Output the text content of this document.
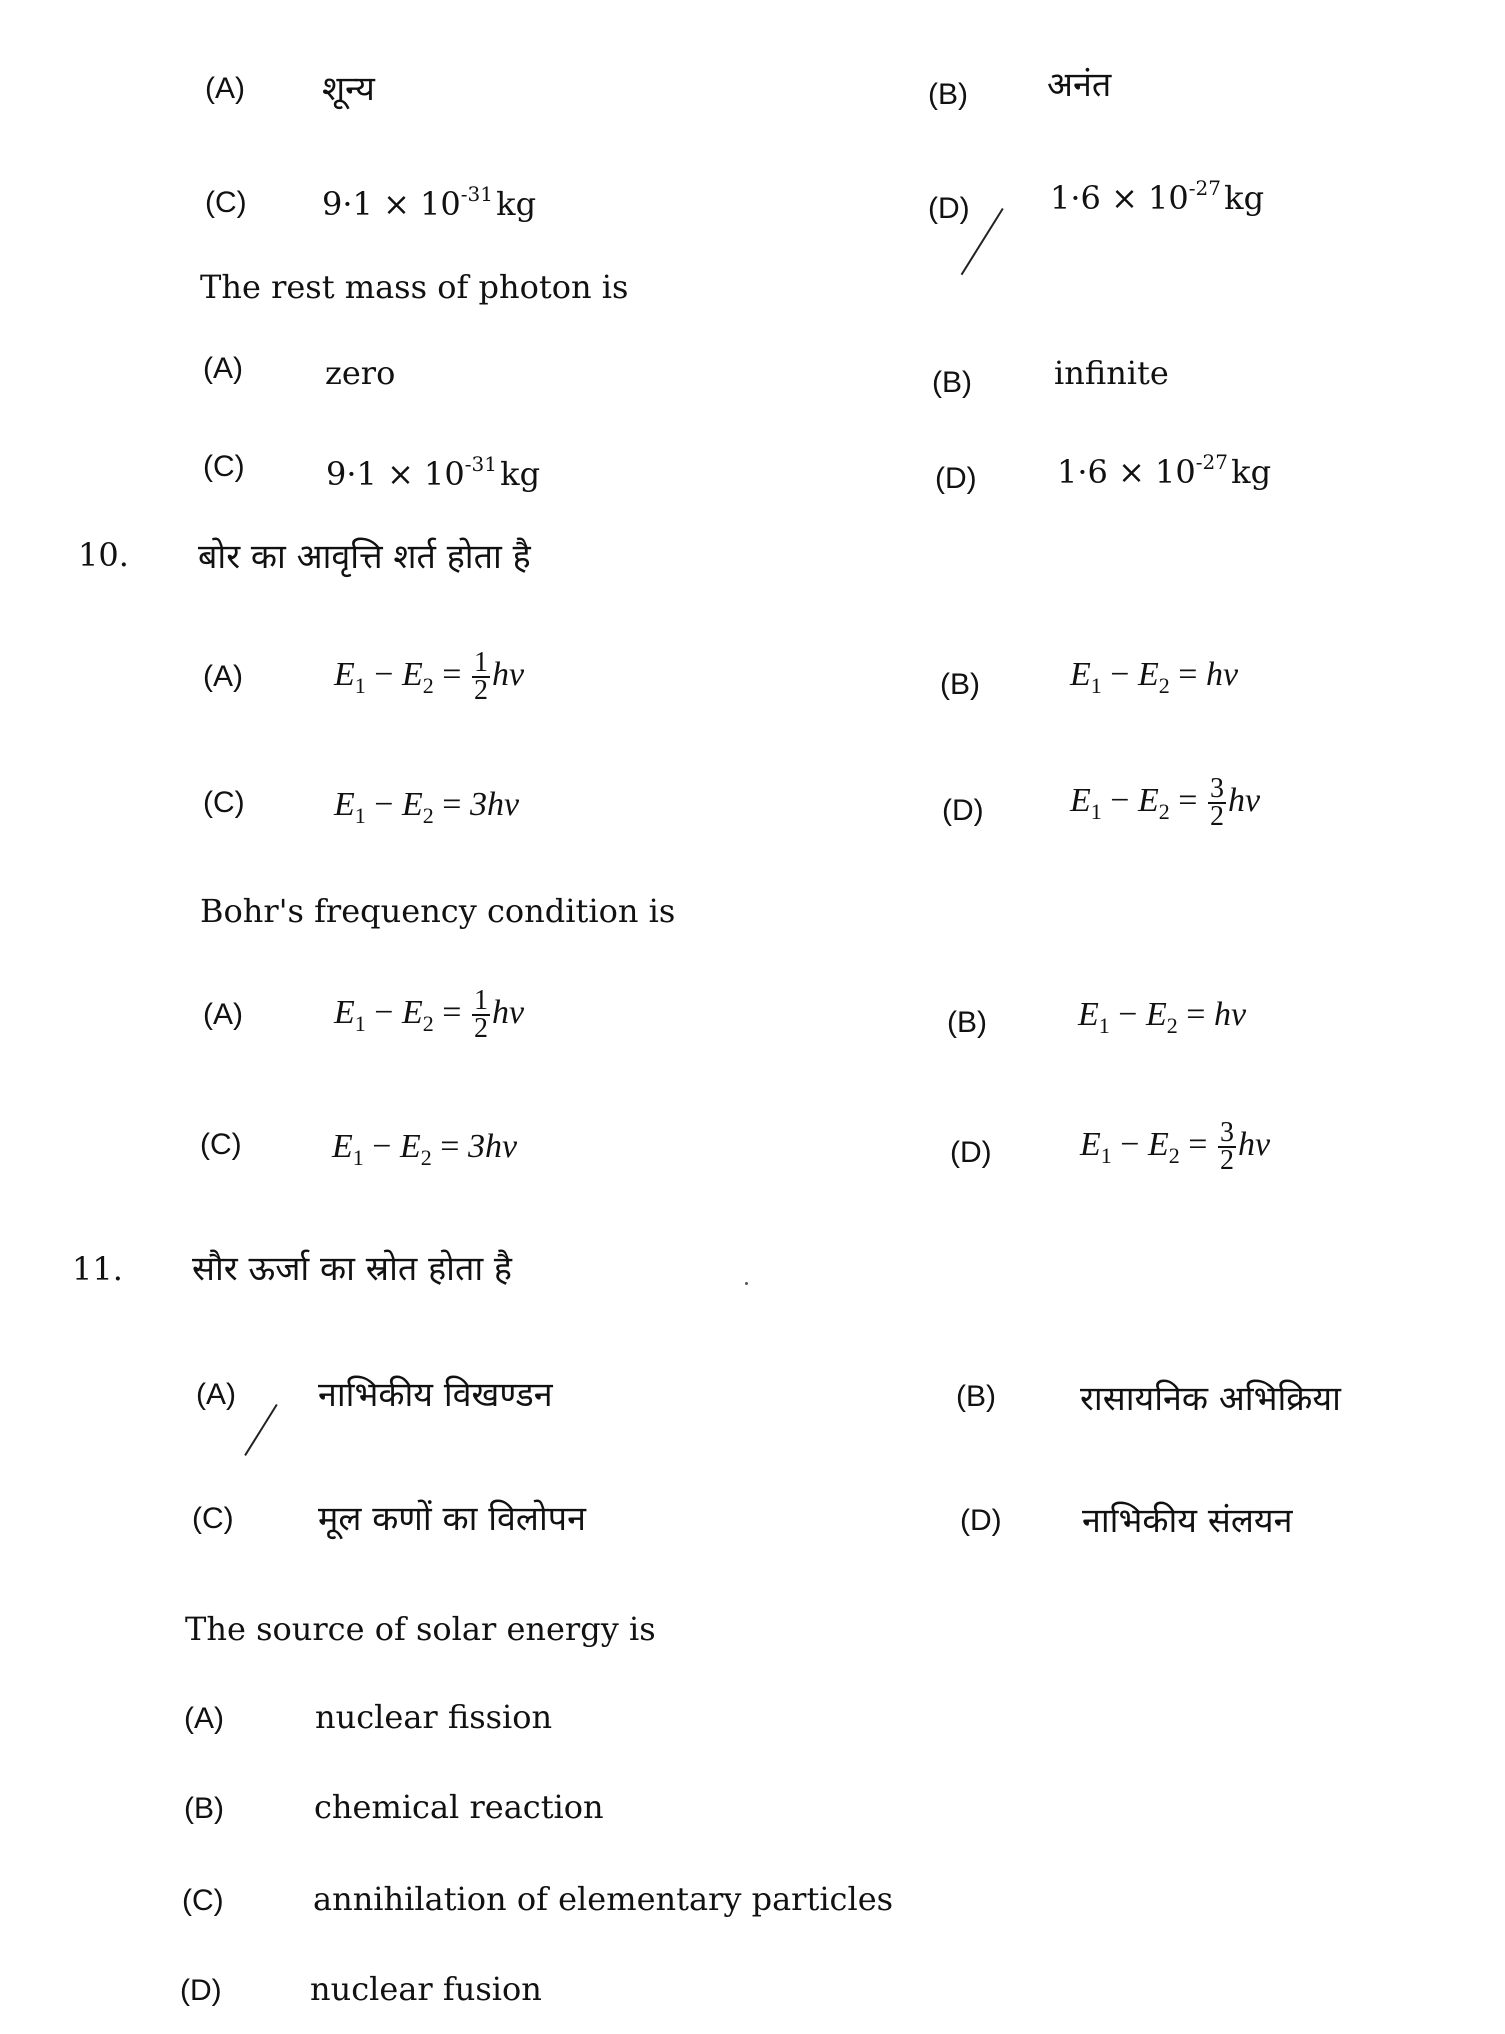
(A) शून्य	(B) अनंत
(C) $9\cdot 1 \times 10^{-31}$ kg	(D)	$1\cdot 6 \times 10^{-27}$ kg
The rest mass of photon is
(A)	zero	(B)	infinite
(C)	$9\cdot 1 \times 10^{-31}$ kg	(D)	$1\cdot 6 \times 10^{-27}$ kg
10. बोर का आवृत्ति शर्त होता है
(A)	$E_1 - E_2 = \frac{1}{2}$ hν	(B)	$E_1 - E_2 = h\nu$
(C)	$E_1 - E_2 = 3h\nu$	(D)	$E_1 - E_2 = \frac{3}{2}$ hν
Bohr's frequency condition is
(A)	$E_1 - E_2 = \frac{1}{2}$ hν	(B)	$E_1 - E_2 = h\nu$
(C)	$E_1 - E_2 = 3h\nu$	(D)	$E_1 - E_2 = \frac{3}{2}$ hν
11. सौर ऊर्जा का स्रोत होता है
(A) नाभिकीय विखण्डन	(B) रासायनिक अभिक्रिया
(C) मूल कणों का विलोपन	(D) नाभिकीय संलयन
The source of solar energy is
(A)	nuclear fission
(B)	chemical reaction
(C)	annihilation of elementary particles
(D)	nuclear fusion
